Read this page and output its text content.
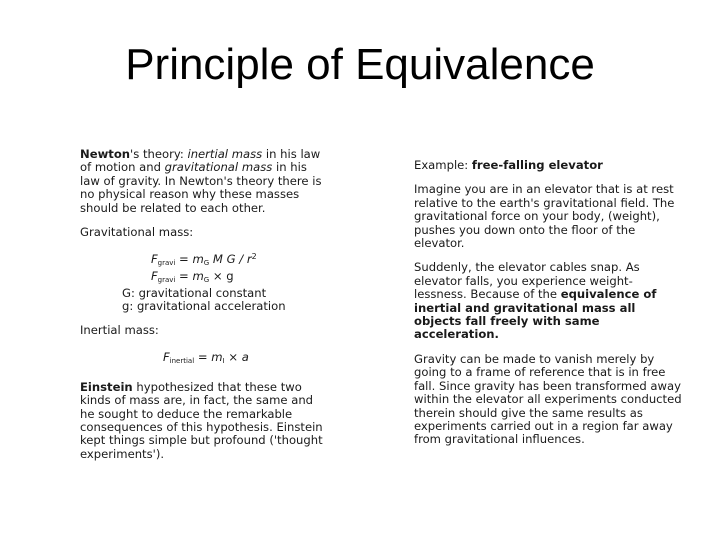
Principle of Equivalence

Newton's theory: inertial mass in his law of motion and gravitational mass in his law of gravity. In Newton's theory there is no physical reason why these masses should be related to each other.

Gravitational mass:

$F_{gravi} = m_G$ M G / $r^2$

$F_{gravi} = m_G \times g$

G: gravitational constant

g: gravitational acceleration

Inertial mass:

$F_{inertial} = m_I \times a$

Einstein hypothesized that these two kinds of mass are, in fact, the same and he sought to deduce the remarkable consequences of this hypothesis. Einstein kept things simple but profound ('thought experiments').

Example: free-falling elevator

Imagine you are in an elevator that is at rest relative to the earth's gravitational field. The gravitational force on your body, (weight), pushes you down onto the floor of the elevator.

Suddenly, the elevator cables snap. As elevator falls, you experience weight-lessness. Because of the equivalence of inertial and gravitational mass all objects fall freely with same acceleration.

Gravity can be made to vanish merely by going to a frame of reference that is in free fall. Since gravity has been transformed away within the elevator all experiments conducted therein should give the same results as experiments carried out in a region far away from gravitational influences.
